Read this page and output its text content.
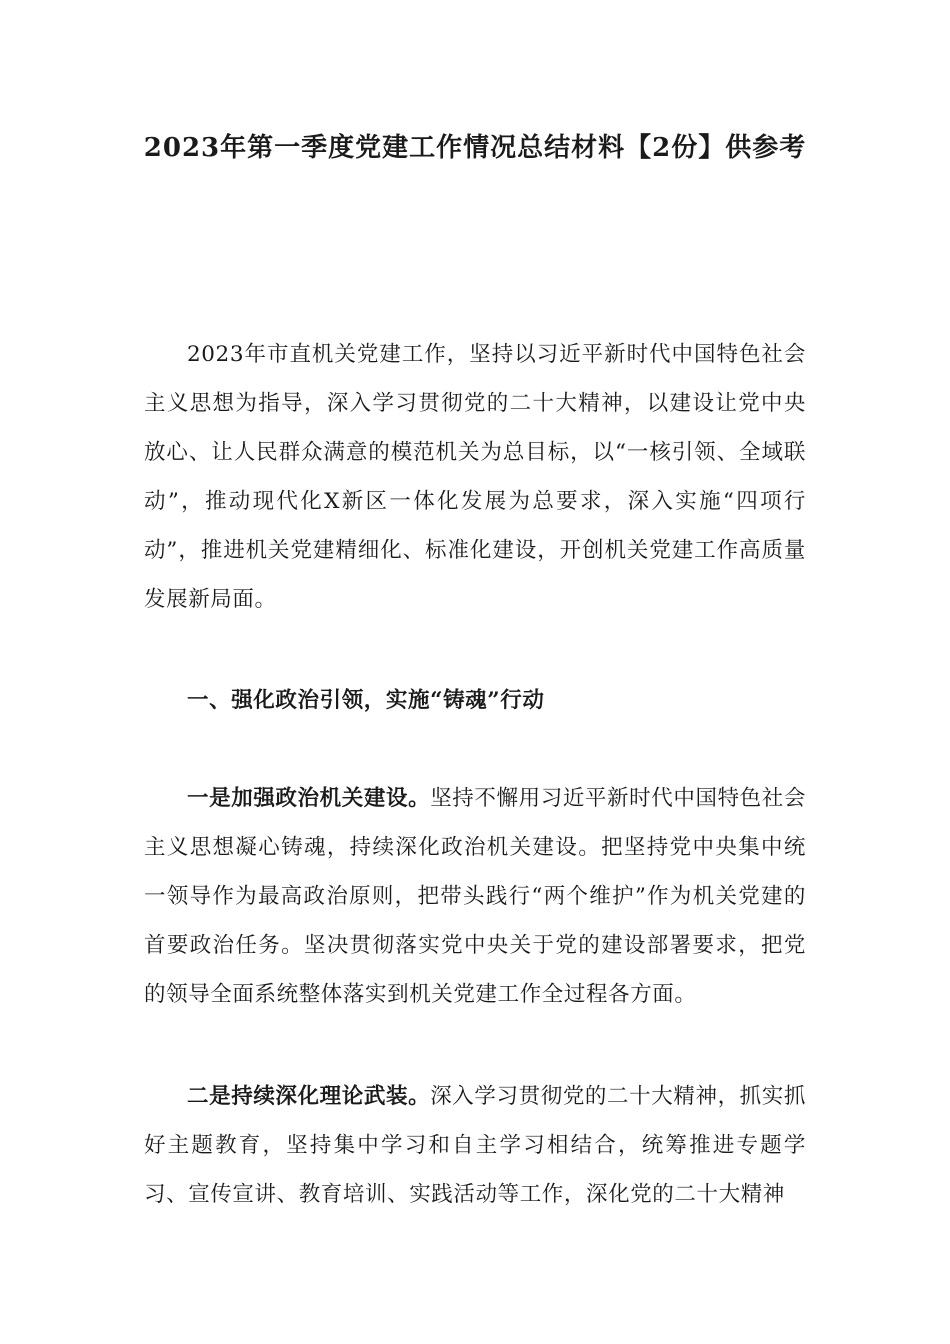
2023年第一季度党建工作情况总结材料【2份】供参考

2023年市直机关党建工作，坚持以习近平新时代中国特色社会主义思想为指导，深入学习贯彻党的二十大精神，以建设让党中央放心、让人民群众满意的模范机关为总目标，以“一核引领、全域联动”，推动现代化X新区一体化发展为总要求，深入实施“四项行动”，推进机关党建精细化、标准化建设，开创机关党建工作高质量发展新局面。

一、强化政治引领，实施“铸魂”行动

一是加强政治机关建设。坚持不懈用习近平新时代中国特色社会主义思想凝心铸魂，持续深化政治机关建设。把坚持党中央集中统一领导作为最高政治原则，把带头践行“两个维护”作为机关党建的首要政治任务。坚决贯彻落实党中央关于党的建设部署要求，把党的领导全面系统整体落实到机关党建工作全过程各方面。

二是持续深化理论武装。深入学习贯彻党的二十大精神，抓实抓好主题教育，坚持集中学习和自主学习相结合，统筹推进专题学习、宣传宣讲、教育培训、实践活动等工作，深化党的二十大精神
